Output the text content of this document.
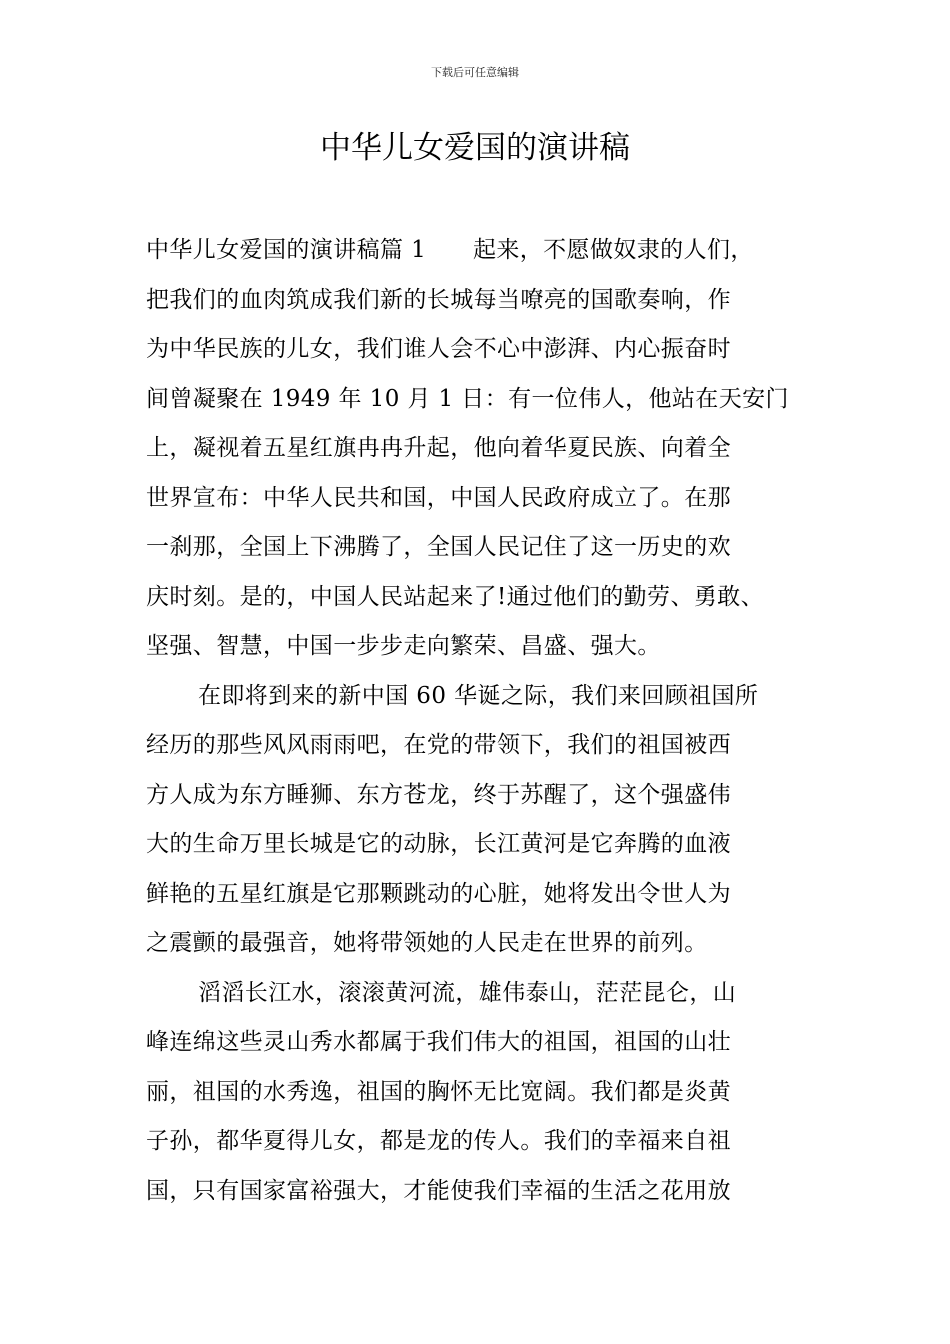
下载后可任意编辑
中华儿女爱国的演讲稿
中华儿女爱国的演讲稿篇 1　　起来，不愿做奴隶的人们，
把我们的血肉筑成我们新的长城每当嘹亮的国歌奏响，作
为中华民族的儿女，我们谁人会不心中澎湃、内心振奋时
间曾凝聚在 1949 年 10 月 1 日：有一位伟人，他站在天安门
上，凝视着五星红旗冉冉升起，他向着华夏民族、向着全
世界宣布：中华人民共和国，中国人民政府成立了。在那
一刹那，全国上下沸腾了，全国人民记住了这一历史的欢
庆时刻。是的，中国人民站起来了!通过他们的勤劳、勇敢、
坚强、智慧，中国一步步走向繁荣、昌盛、强大。
在即将到来的新中国 60 华诞之际，我们来回顾祖国所
经历的那些风风雨雨吧，在党的带领下，我们的祖国被西
方人成为东方睡狮、东方苍龙，终于苏醒了，这个强盛伟
大的生命万里长城是它的动脉，长江黄河是它奔腾的血液
鲜艳的五星红旗是它那颗跳动的心脏，她将发出令世人为
之震颤的最强音，她将带领她的人民走在世界的前列。
滔滔长江水，滚滚黄河流，雄伟泰山，茫茫昆仑，山
峰连绵这些灵山秀水都属于我们伟大的祖国，祖国的山壮
丽，祖国的水秀逸，祖国的胸怀无比宽阔。我们都是炎黄
子孙，都华夏得儿女，都是龙的传人。我们的幸福来自祖
国，只有国家富裕强大，才能使我们幸福的生活之花用放
